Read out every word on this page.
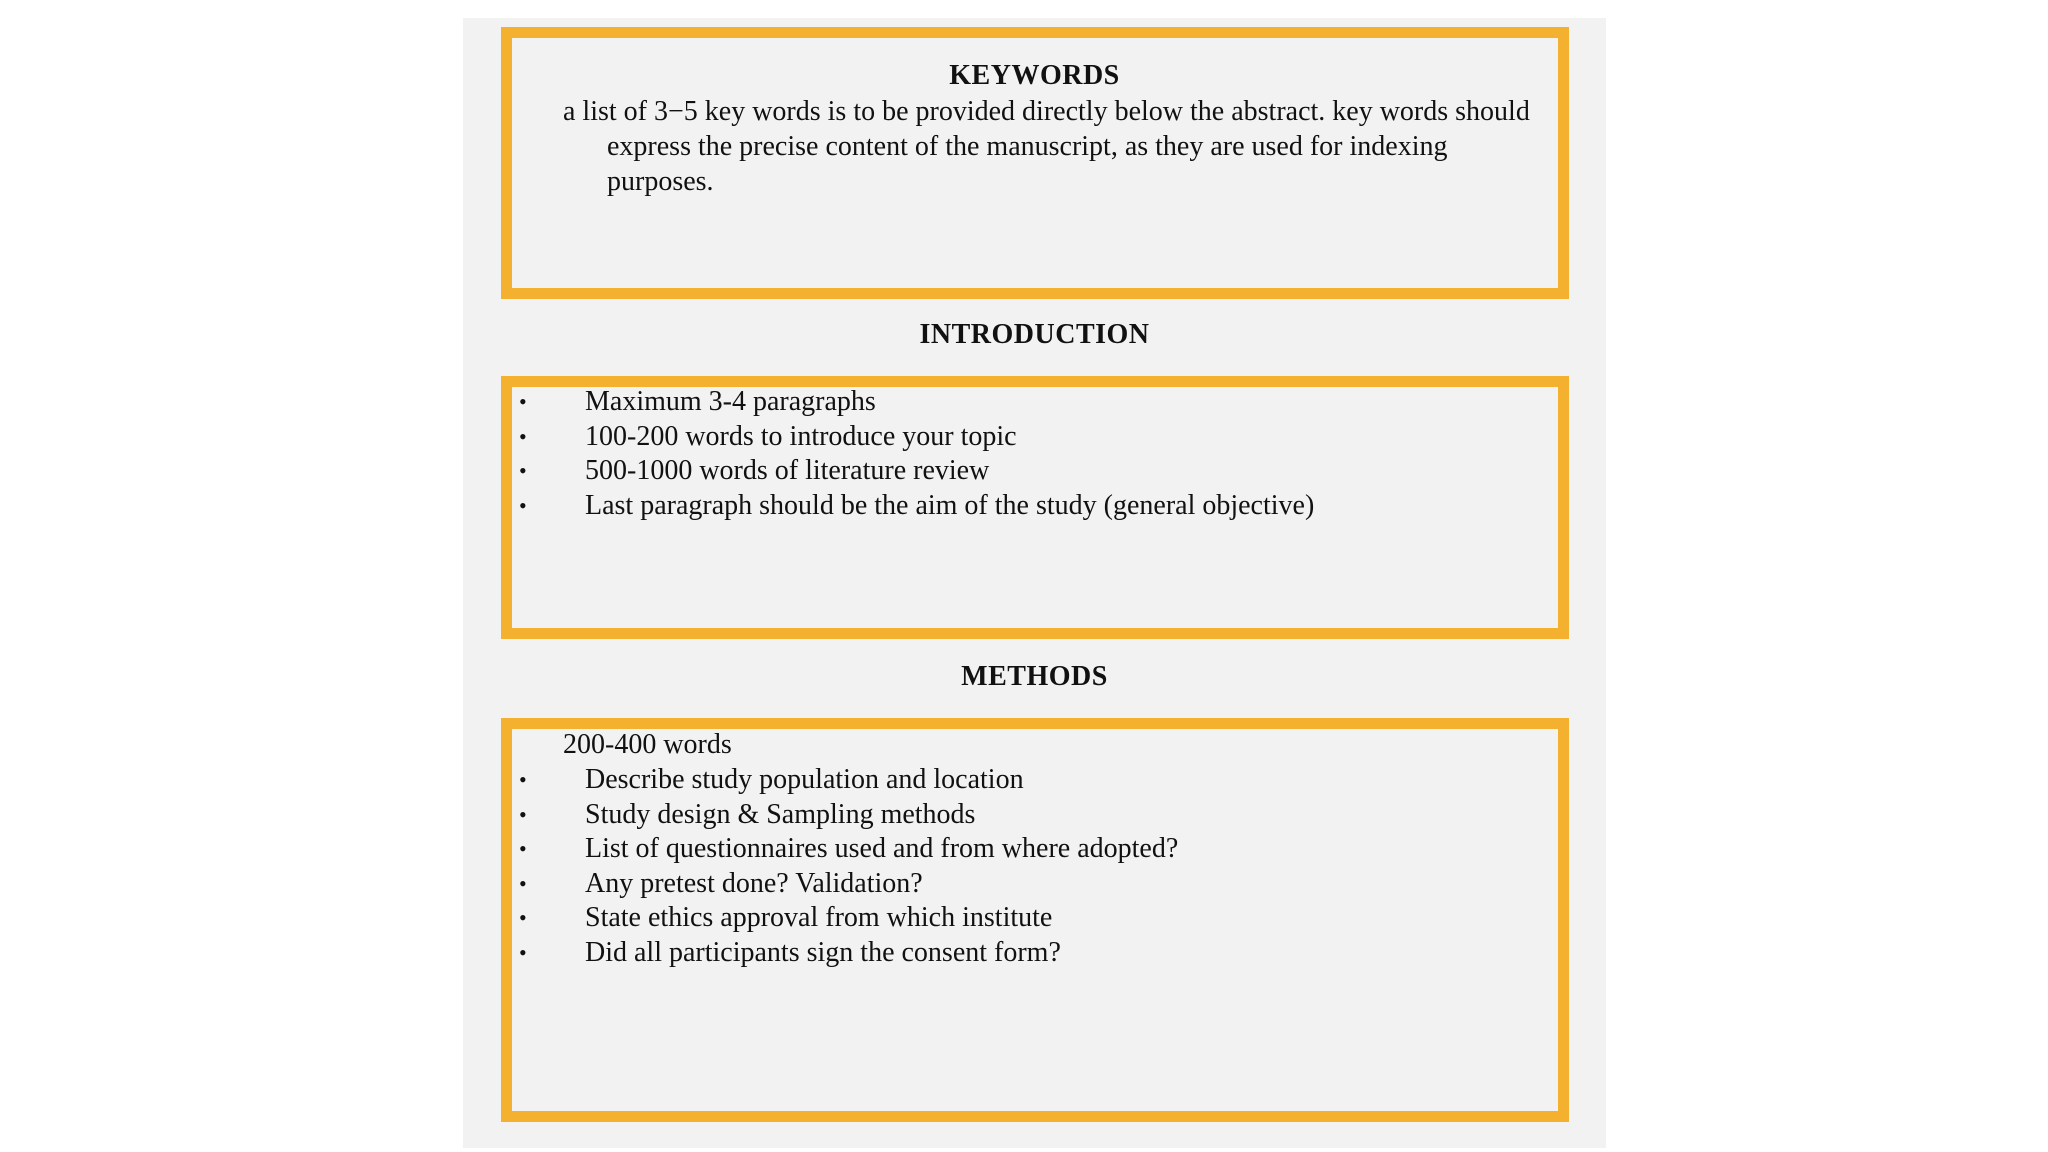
KEYWORDS
a list of 3−5 key words is to be provided directly below the abstract. key words should express the precise content of the manuscript, as they are used for indexing purposes.
INTRODUCTION
• Maximum 3-4 paragraphs
• 100-200 words to introduce your topic
• 500-1000 words of literature review
• Last paragraph should be the aim of the study (general objective)
METHODS
200-400 words
• Describe study population and location
• Study design & Sampling methods
• List of questionnaires used and from where adopted?
• Any pretest done? Validation?
• State ethics approval from which institute
• Did all participants sign the consent form?
